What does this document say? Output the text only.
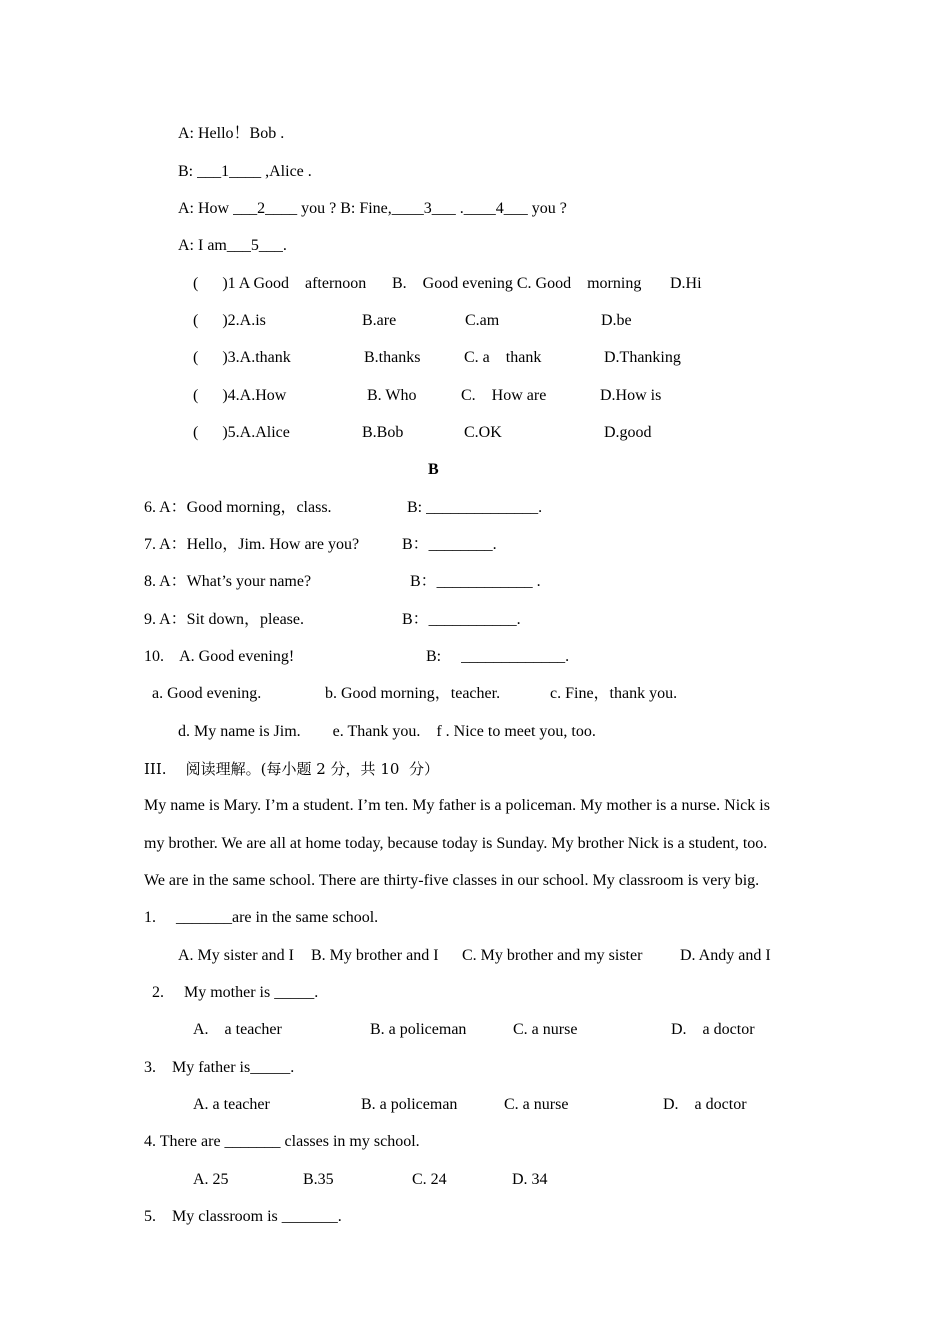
A: Hello！Bob .
B: ___1____ ,Alice .
A: How ___2____ you ? B: Fine,____3___ .____4___ you ?
A: I am___5___.
(      )1 A Good    afternoon B.    Good evening C. Good    morning D.Hi
(      )2.A.is	B.are	C.am	D.be
(      )3.A.thank	B.thanks	C. a    thank	D.Thanking
(      )4.A.How	B. Who	C.    How are	D.How is
(      )5.A.Alice	B.Bob	C.OK	D.good
B
6. A：Good morning，class.	B: ______________.
7. A：Hello，Jim. How are you?	B：________.
8. A：What’s your name?	B：____________ .
9. A：Sit down，please.	B：___________.
10.    A. Good evening!	B:     _____________.
a. Good evening.	b. Good morning，teacher.	c. Fine，thank you.
d. My name is Jim.        e. Thank you.    f . Nice to meet you, too.
III.    阅读理解。(每小题 2 分，共 10  分）
My name is Mary. I’m a student. I’m ten. My father is a policeman. My mother is a nurse. Nick is
my brother. We are all at home today, because today is Sunday. My brother Nick is a student, too.
We are in the same school. There are thirty-five classes in our school. My classroom is very big.
1.     _______are in the same school.
A. My sister and I B. My brother and I C. My brother and my sister D. Andy and I
2.     My mother is _____.
A.    a teacher	B. a policeman	C. a nurse	D.    a doctor
3.    My father is_____.
A. a teacher	B. a policeman	C. a nurse	D.    a doctor
4. There are _______ classes in my school.
A. 25	B.35	C. 24	D. 34
5.    My classroom is _______.
